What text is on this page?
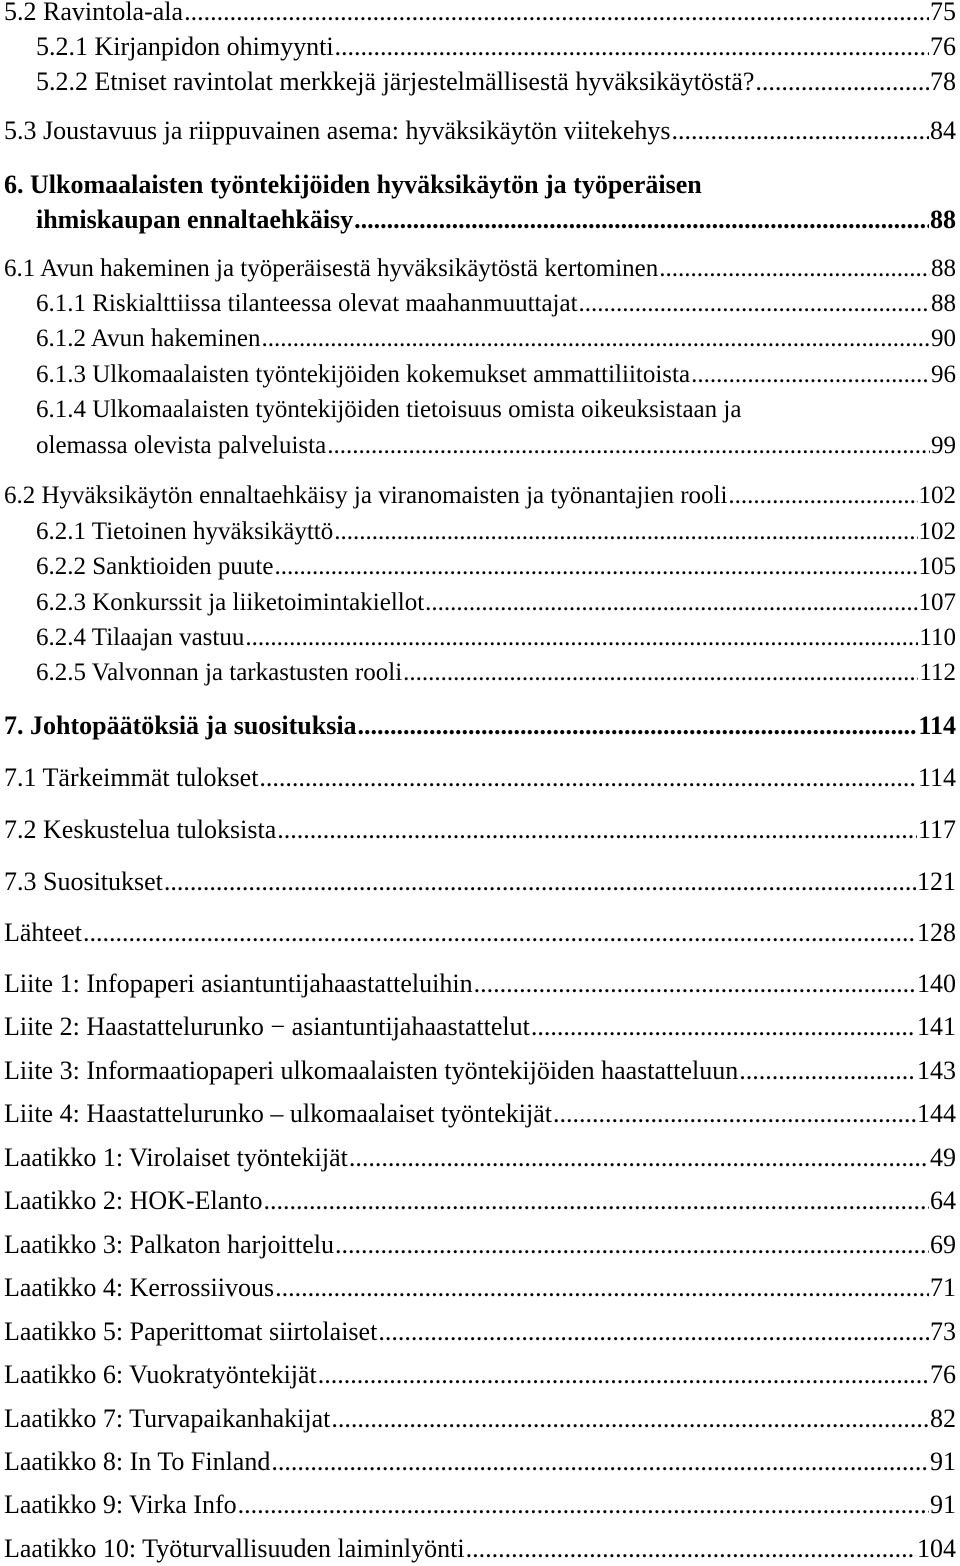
5.2 Ravintola-ala .....	75
5.2.1 Kirjanpidon ohimyynti .....	76
5.2.2 Etniset ravintolat merkkejä järjestelmällisestä hyväksikäytöstä? .....	78
5.3 Joustavuus ja riippuvainen asema: hyväksikäytön viitekehys .....	84
6. Ulkomaalaisten työntekijöiden hyväksikäytön ja työperäisen
ihmiskaupan ennaltaehkäisy .....	88
6.1 Avun hakeminen ja työperäisestä hyväksikäytöstä kertominen .....	88
6.1.1 Riskialttiissa tilanteessa olevat maahanmuuttajat .....	88
6.1.2 Avun hakeminen .....	90
6.1.3 Ulkomaalaisten työntekijöiden kokemukset ammattiliitoista .....	96
6.1.4 Ulkomaalaisten työntekijöiden tietoisuus omista oikeuksistaan ja
olemassa olevista palveluista .....	99
6.2 Hyväksikäytön ennaltaehkäisy ja viranomaisten ja työnantajien rooli .....	102
6.2.1 Tietoinen hyväksikäyttö .....	102
6.2.2 Sanktioiden puute .....	105
6.2.3 Konkurssit ja liiketoimintakiellot .....	107
6.2.4 Tilaajan vastuu .....	110
6.2.5 Valvonnan ja tarkastusten rooli .....	112
7. Johtopäätöksiä ja suosituksia .....	114
7.1 Tärkeimmät tulokset .....	114
7.2 Keskustelua tuloksista .....	117
7.3 Suositukset .....	121
Lähteet .....	128
Liite 1: Infopaperi asiantuntijahaastatteluihin .....	140
Liite 2: Haastattelurunko − asiantuntijahaastattelut .....	141
Liite 3: Informaatiopaperi ulkomaalaisten työntekijöiden haastatteluun .....	143
Liite 4: Haastattelurunko – ulkomaalaiset työntekijät .....	144
Laatikko 1: Virolaiset työntekijät .....	49
Laatikko 2: HOK-Elanto .....	64
Laatikko 3: Palkaton harjoittelu .....	69
Laatikko 4: Kerrossiivous .....	71
Laatikko 5: Paperittomat siirtolaiset .....	73
Laatikko 6: Vuokratyöntekijät .....	76
Laatikko 7: Turvapaikanhakijat .....	82
Laatikko 8: In To Finland .....	91
Laatikko 9: Virka Info .....	91
Laatikko 10: Työturvallisuuden laiminlyönti .....	104
